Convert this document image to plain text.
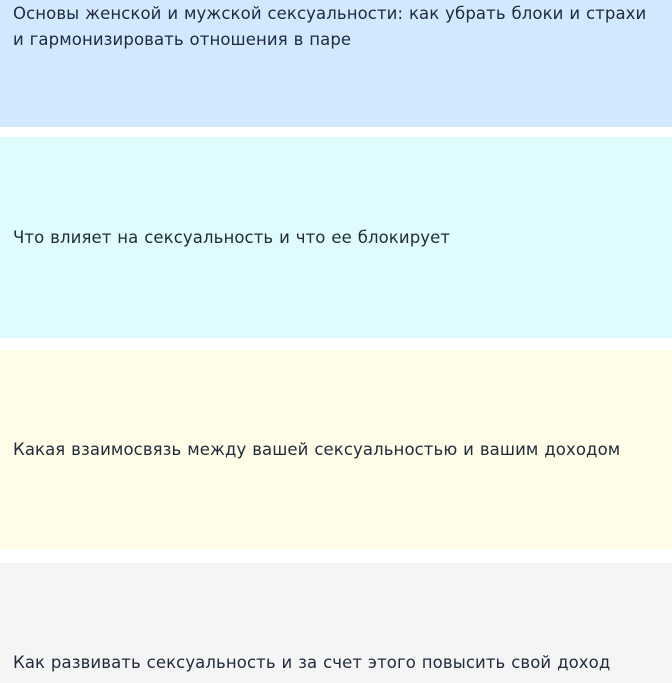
Основы женской и мужской сексуальности: как убрать блоки и страхи и гармонизировать отношения в паре

Что влияет на сексуальность и что ее блокирует

Какая взаимосвязь между вашей сексуальностью и вашим доходом

Как развивать сексуальность и за счет этого повысить свой доход
